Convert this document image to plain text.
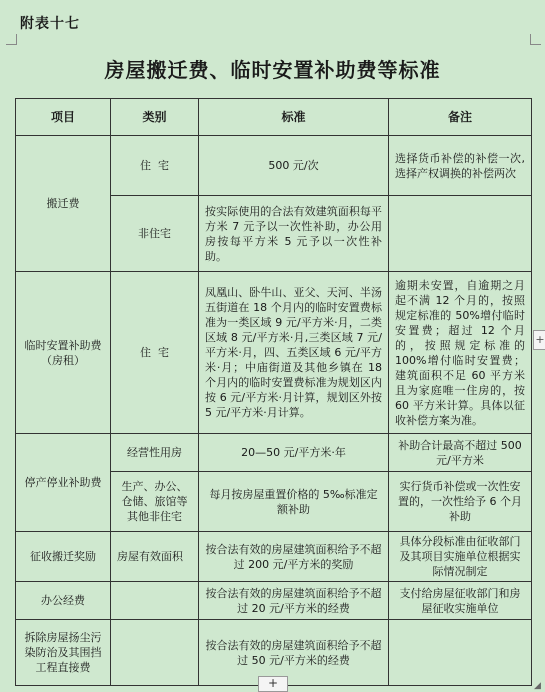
附表十七
房屋搬迁费、临时安置补助费等标准
项目	类别	标准	备注
搬迁费	住  宅	500 元/次	选择货币补偿的补偿一次,选择产权调换的补偿两次
	非住宅	按实际使用的合法有效建筑面积每平方米 7 元予以一次性补助，办公用房按每平方米 5 元予以一次性补助。	
临时安置补助费（房租）	住  宅	凤凰山、卧牛山、亚父、天河、半汤五街道在 18 个月内的临时安置费标准为一类区域 9 元/平方米·月，二类区域 8 元/平方米·月,三类区域 7 元/平方米·月，四、五类区域 6 元/平方米·月；中庙街道及其他乡镇在 18 个月内的临时安置费标准为规划区内按 6 元/平方米·月计算，规划区外按 5 元/平方米·月计算。	逾期未安置，自逾期之月起不满 12 个月的，按照规定标准的 50%增付临时安置费；超过 12 个月的，按照规定标准的 100%增付临时安置费；建筑面积不足 60 平方米且为家庭唯一住房的，按 60 平方米计算。具体以征收补偿方案为准。
停产停业补助费	经营性用房	20—50 元/平方米·年	补助合计最高不超过 500 元/平方米
	生产、办公、仓储、旅馆等其他非住宅	每月按房屋重置价格的 5‰标准定额补助	实行货币补偿或一次性安置的，一次性给予 6 个月补助
征收搬迁奖励	房屋有效面积	按合法有效的房屋建筑面积给予不超过 200 元/平方米的奖励	具体分段标准由征收部门及其项目实施单位根据实际情况制定
办公经费		按合法有效的房屋建筑面积给予不超过 20 元/平方米的经费	支付给房屋征收部门和房屋征收实施单位
拆除房屋扬尘污染防治及其围挡工程直接费		按合法有效的房屋建筑面积给予不超过 50 元/平方米的经费	
+
+	◢
